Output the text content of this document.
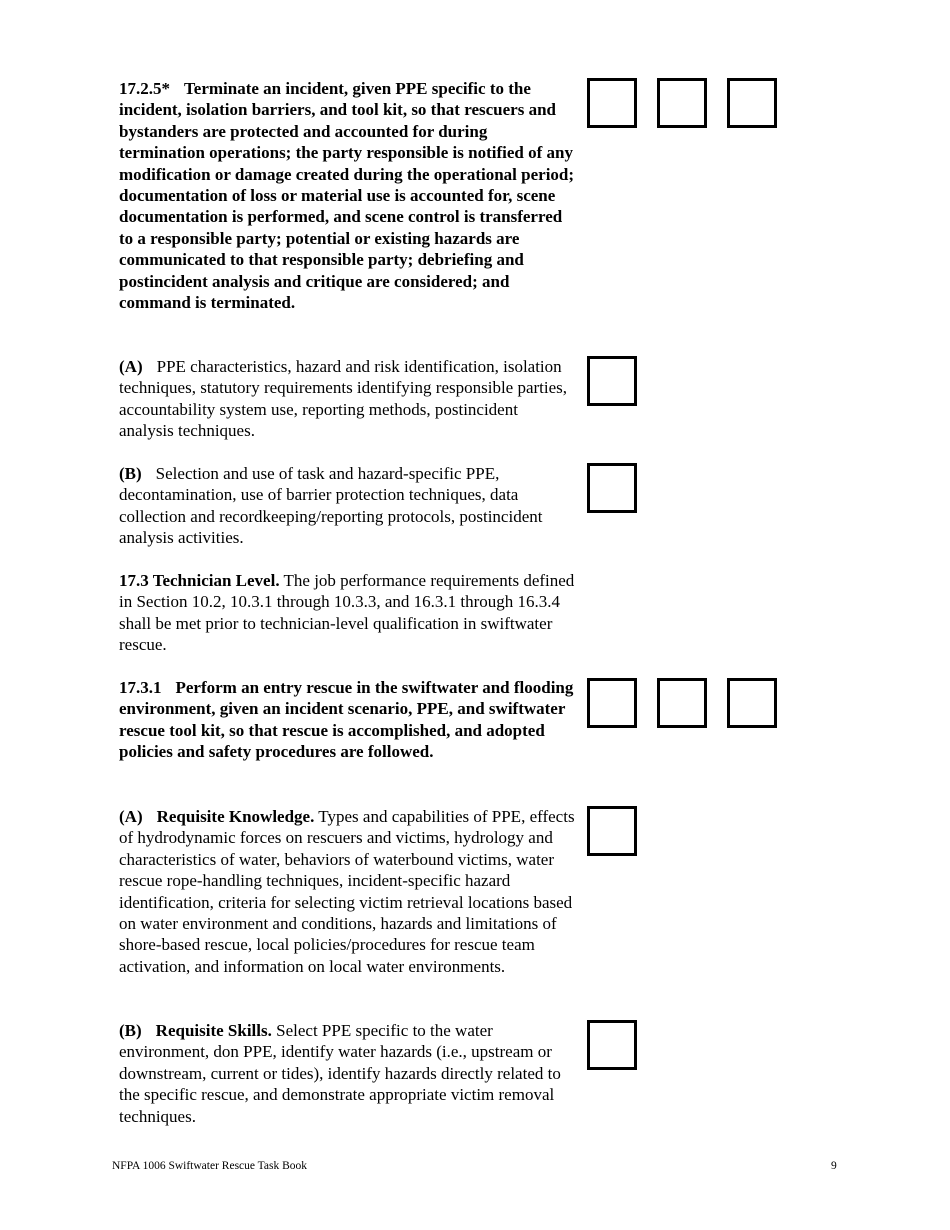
17.2.5* Terminate an incident, given PPE specific to the incident, isolation barriers, and tool kit, so that rescuers and bystanders are protected and accounted for during termination operations; the party responsible is notified of any modification or damage created during the operational period; documentation of loss or material use is accounted for, scene documentation is performed, and scene control is transferred to a responsible party; potential or existing hazards are communicated to that responsible party; debriefing and postincident analysis and critique are considered; and command is terminated.

(A) PPE characteristics, hazard and risk identification, isolation techniques, statutory requirements identifying responsible parties, accountability system use, reporting methods, postincident analysis techniques.

(B) Selection and use of task and hazard-specific PPE, decontamination, use of barrier protection techniques, data collection and recordkeeping/reporting protocols, postincident analysis activities.

17.3 Technician Level. The job performance requirements defined in Section 10.2, 10.3.1 through 10.3.3, and 16.3.1 through 16.3.4 shall be met prior to technician-level qualification in swiftwater rescue.

17.3.1 Perform an entry rescue in the swiftwater and flooding environment, given an incident scenario, PPE, and swiftwater rescue tool kit, so that rescue is accomplished, and adopted policies and safety procedures are followed.

(A) Requisite Knowledge. Types and capabilities of PPE, effects of hydrodynamic forces on rescuers and victims, hydrology and characteristics of water, behaviors of waterbound victims, water rescue rope-handling techniques, incident-specific hazard identification, criteria for selecting victim retrieval locations based on water environment and conditions, hazards and limitations of shore-based rescue, local policies/procedures for rescue team activation, and information on local water environments.

(B) Requisite Skills. Select PPE specific to the water environment, don PPE, identify water hazards (i.e., upstream or downstream, current or tides), identify hazards directly related to the specific rescue, and demonstrate appropriate victim removal techniques.

NFPA 1006 Swiftwater Rescue Task Book	9
